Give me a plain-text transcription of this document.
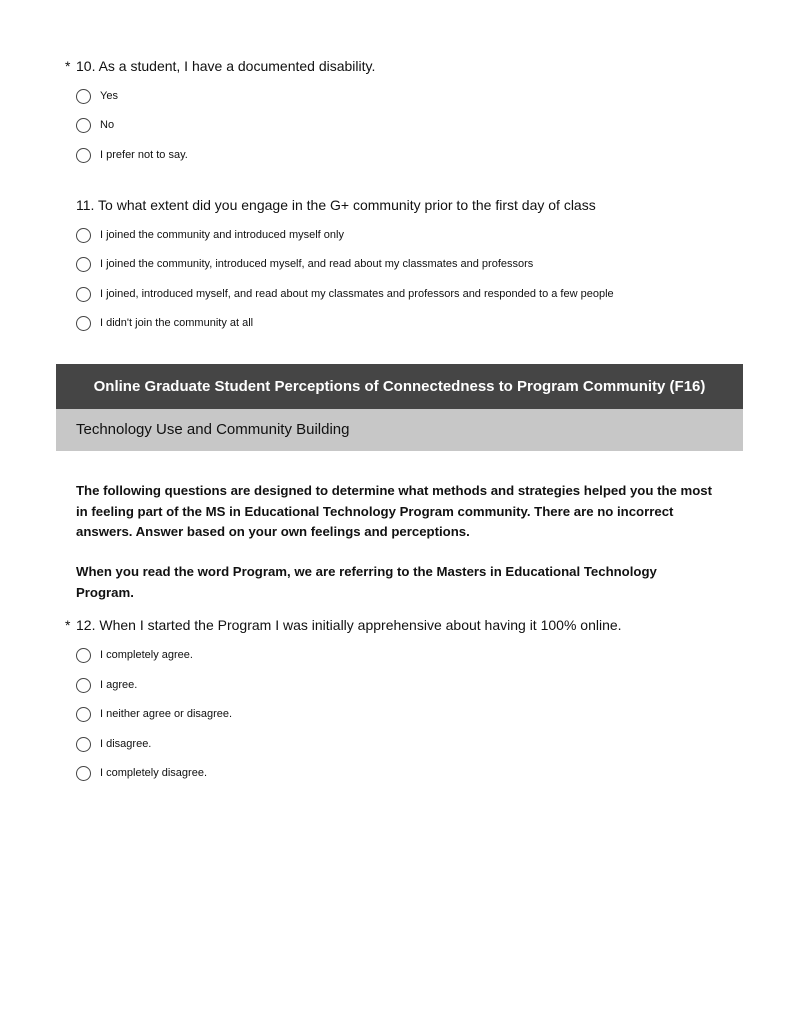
* 10. As a student, I have a documented disability.
Yes
No
I prefer not to say.
11. To what extent did you engage in the G+ community prior to the first day of class
I joined the community and introduced myself only
I joined the community, introduced myself, and read about my classmates and professors
I joined, introduced myself, and read about my classmates and professors and responded to a few people
I didn't join the community at all
Online Graduate Student Perceptions of Connectedness to Program Community (F16)
Technology Use and Community Building
The following questions are designed to determine what methods and strategies helped you the most in feeling part of the MS in Educational Technology Program community. There are no incorrect answers. Answer based on your own feelings and perceptions.
When you read the word Program, we are referring to the Masters in Educational Technology Program.
* 12. When I started the Program I was initially apprehensive about having it 100% online.
I completely agree.
I agree.
I neither agree or disagree.
I disagree.
I completely disagree.
